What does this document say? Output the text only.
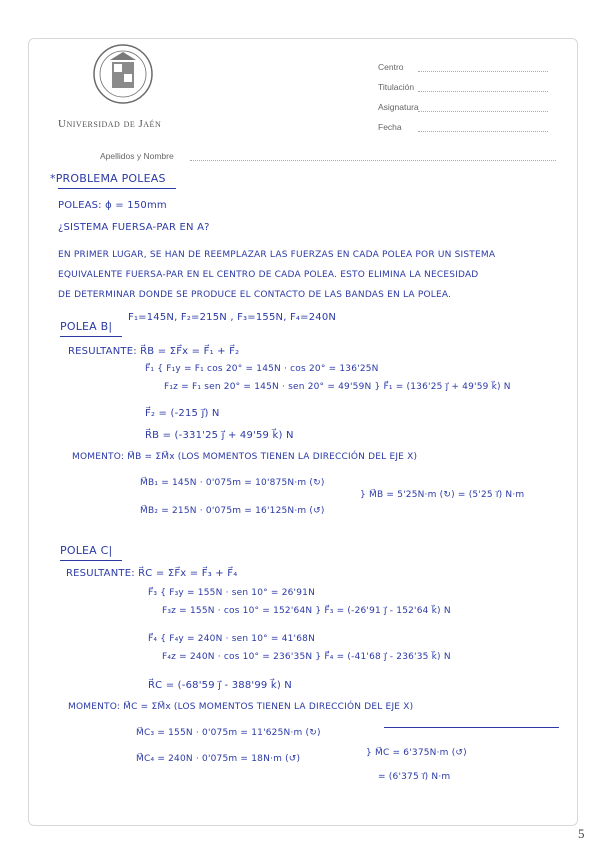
Universidad de Jaén
Centro
Titulación
Asignatura
Fecha
Apellidos y Nombre
*PROBLEMA POLEAS
POLEAS: ϕ = 150mm
¿SISTEMA FUERSA-PAR EN A?
EN PRIMER LUGAR, SE HAN DE REEMPLAZAR LAS FUERZAS EN CADA POLEA POR UN SISTEMA
EQUIVALENTE FUERSA-PAR EN EL CENTRO DE CADA POLEA. ESTO ELIMINA LA NECESIDAD
DE DETERMINAR DONDE SE PRODUCE EL CONTACTO DE LAS BANDAS EN LA POLEA.
POLEA B|
F₁=145N, F₂=215N , F₃=155N, F₄=240N
RESULTANTE: R⃗B = ΣF⃗x = F⃗₁ + F⃗₂
F⃗₁ { F₁y = F₁ cos 20° = 145N · cos 20° = 136'25N
F₁z = F₁ sen 20° = 145N · sen 20° = 49'59N } F⃗₁ = (136'25 j⃗ + 49'59 k⃗) N
F⃗₂ = (-215 j⃗) N
R⃗B = (-331'25 j⃗ + 49'59 k⃗) N
MOMENTO: M⃗B = ΣM⃗x (LOS MOMENTOS TIENEN LA DIRECCIÓN DEL EJE X)
M⃗B₁ = 145N · 0'075m = 10'875N·m (↻)
} M⃗B = 5'25N·m (↻) = (5'25 i⃗) N·m
M⃗B₂ = 215N · 0'075m = 16'125N·m (↺)
POLEA C|
RESULTANTE: R⃗C = ΣF⃗x = F⃗₃ + F⃗₄
F⃗₃ { F₃y = 155N · sen 10° = 26'91N
F₃z = 155N · cos 10° = 152'64N } F⃗₃ = (-26'91 j⃗ - 152'64 k⃗) N
F⃗₄ { F₄y = 240N · sen 10° = 41'68N
F₄z = 240N · cos 10° = 236'35N } F⃗₄ = (-41'68 j⃗ - 236'35 k⃗) N
R⃗C = (-68'59 j⃗ - 388'99 k⃗) N
MOMENTO: M⃗C = ΣM⃗x (LOS MOMENTOS TIENEN LA DIRECCIÓN DEL EJE X)
M⃗C₃ = 155N · 0'075m = 11'625N·m (↻)
} M⃗C = 6'375N·m (↺)
M⃗C₄ = 240N · 0'075m = 18N·m (↺)
= (6'375 i⃗) N·m
5
